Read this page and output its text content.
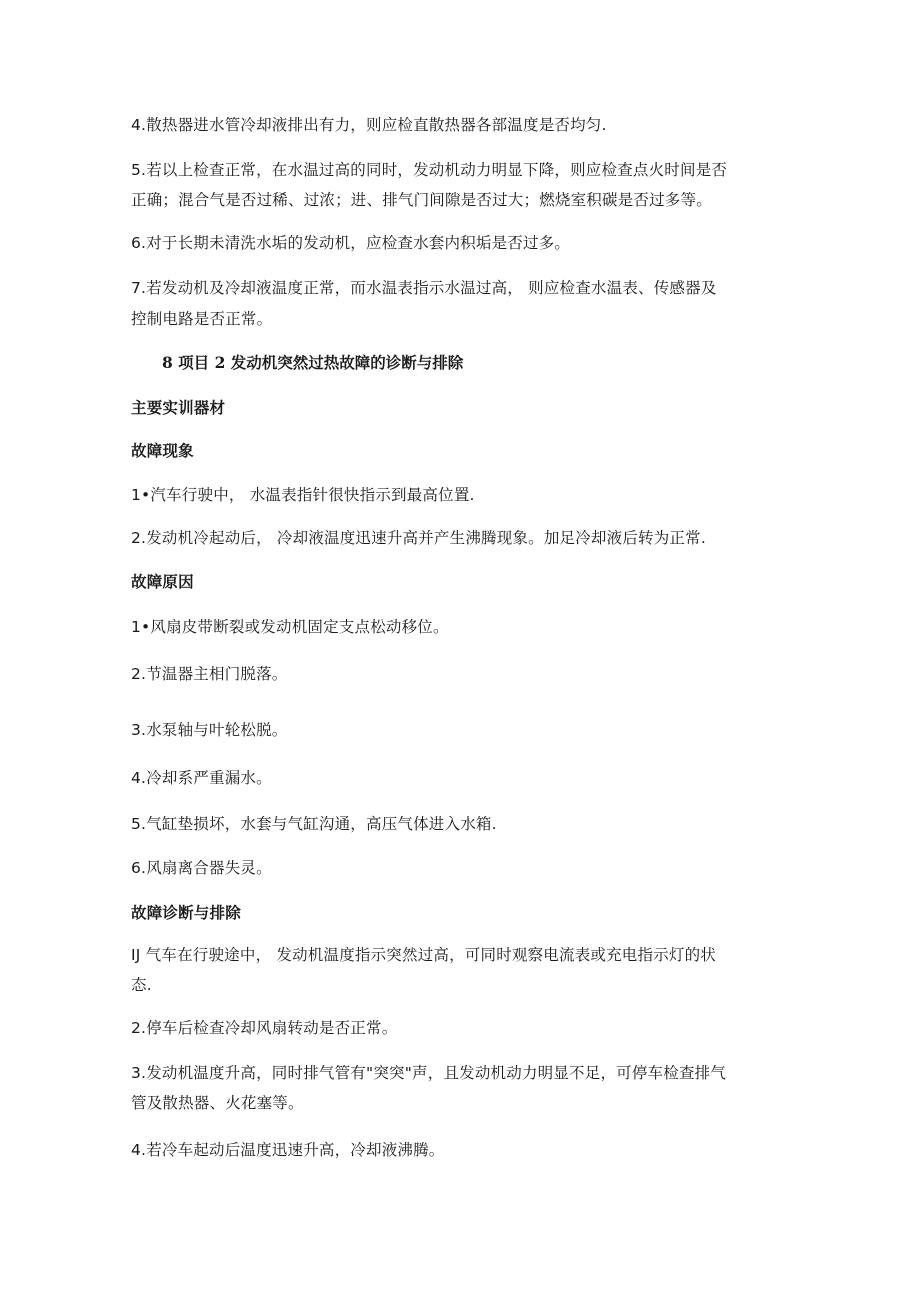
4.散热器进水管冷却液排出有力，则应检直散热器各部温度是否均匀.
5.若以上检查正常，在水温过高的同时，发动机动力明显下降，则应检查点火时间是否
正确；混合气是否过稀、过浓；进、排气门间隙是否过大；燃烧室积碳是否过多等。
6.对于长期未清洗水垢的发动机，应检查水套内积垢是否过多。
7.若发动机及冷却液温度正常，而水温表指示水温过高， 则应检查水温表、传感器及
控制电路是否正常。
8 项目 2 发动机突然过热故障的诊断与排除
主要实训器材
故障现象
1•汽车行驶中， 水温表指针很快指示到最高位置.
2.发动机冷起动后， 冷却液温度迅速升高并产生沸腾现象。加足冷却液后转为正常.
故障原因
1•风扇皮带断裂或发动机固定支点松动移位。
2.节温器主相门脱落。
3.水泵轴与叶轮松脱。
4.冷却系严重漏水。
5.气缸垫损坏，水套与气缸沟通，高压气体进入水箱.
6.风扇离合器失灵。
故障诊断与排除
IJ 气车在行驶途中， 发动机温度指示突然过高，可同时观察电流表或充电指示灯的状
态.
2.停车后检查冷却风扇转动是否正常。
3.发动机温度升高，同时排气管有"突突"声，且发动机动力明显不足，可停车检查排气
管及散热器、火花塞等。
4.若冷车起动后温度迅速升高，冷却液沸腾。
